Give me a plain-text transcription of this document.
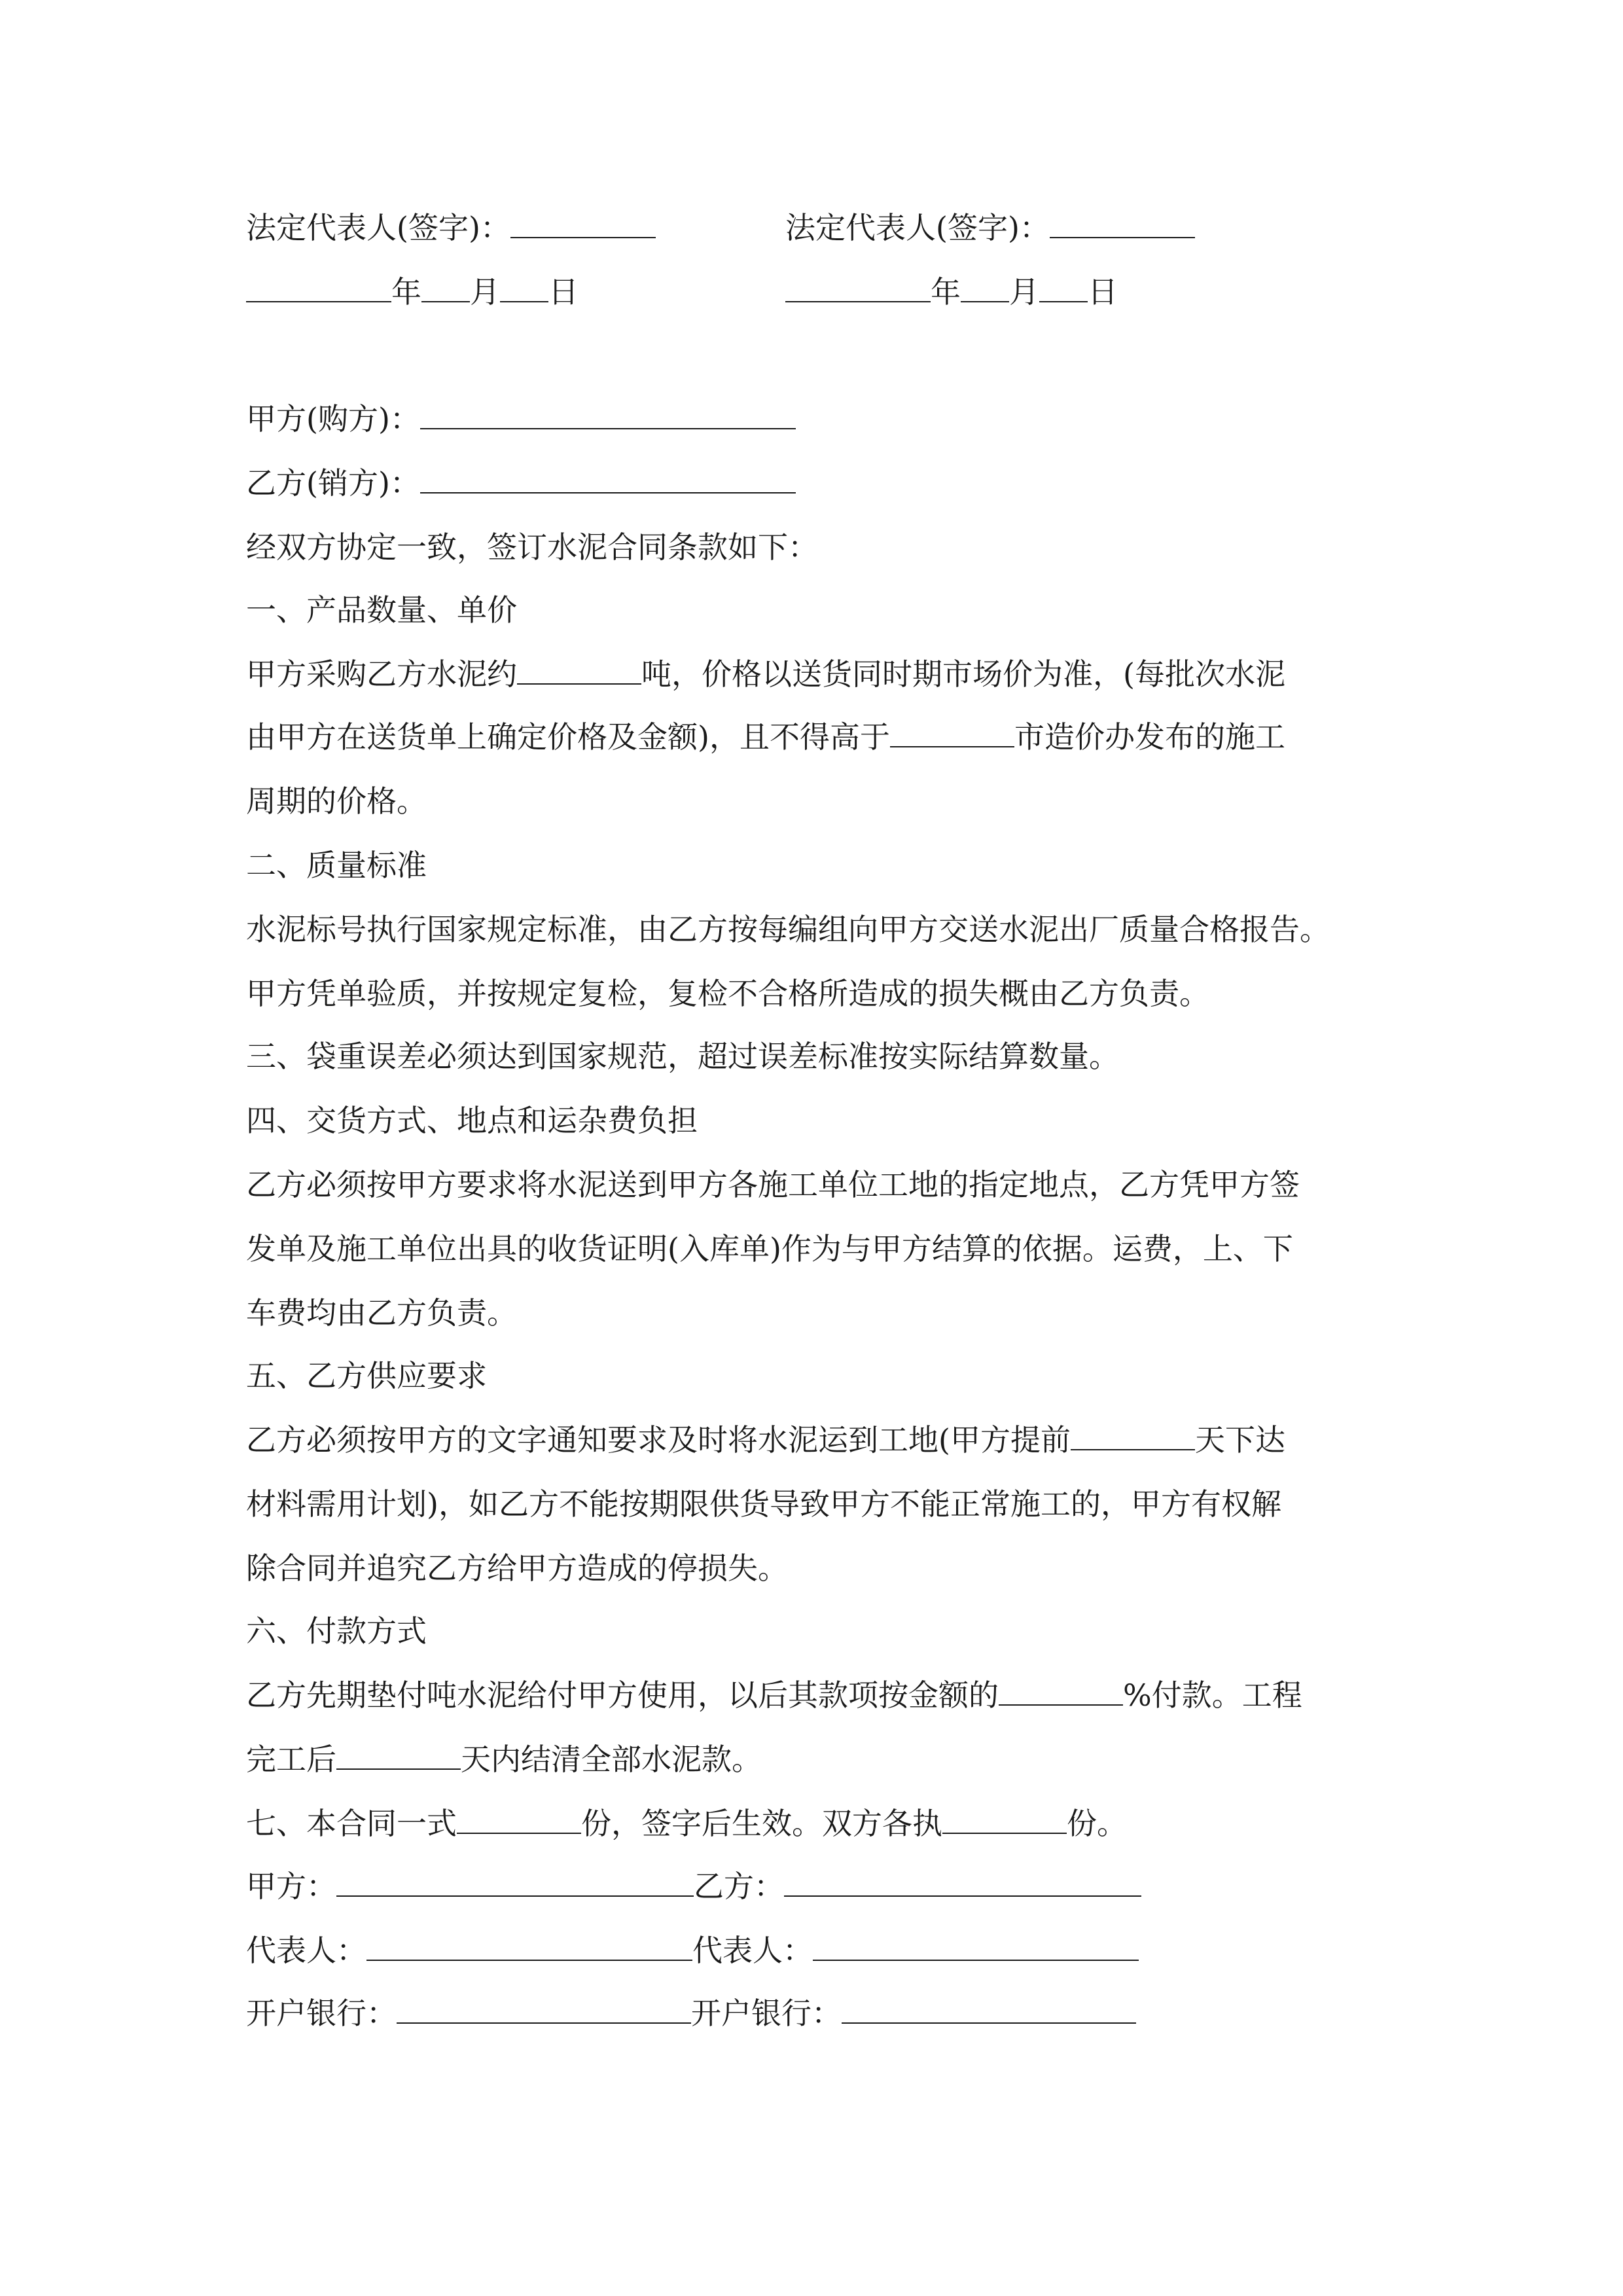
法定代表人(签字)：	法定代表人(签字)：
年 月 日	年 月 日
甲方(购方)：
乙方(销方)：
经双方协定一致，签订水泥合同条款如下：
一、产品数量、单价
甲方采购乙方水泥约	吨，价格以送货同时期市场价为准，(每批次水泥
由甲方在送货单上确定价格及金额)，且不得高于	市造价办发布的施工
周期的价格。
二、质量标准
水泥标号执行国家规定标准，由乙方按每编组向甲方交送水泥出厂质量合格报告。
甲方凭单验质，并按规定复检，复检不合格所造成的损失概由乙方负责。
三、袋重误差必须达到国家规范，超过误差标准按实际结算数量。
四、交货方式、地点和运杂费负担
乙方必须按甲方要求将水泥送到甲方各施工单位工地的指定地点，乙方凭甲方签
发单及施工单位出具的收货证明(入库单)作为与甲方结算的依据。运费，上、下
车费均由乙方负责。
五、乙方供应要求
乙方必须按甲方的文字通知要求及时将水泥运到工地(甲方提前	天下达
材料需用计划)，如乙方不能按期限供货导致甲方不能正常施工的，甲方有权解
除合同并追究乙方给甲方造成的停损失。
六、付款方式
乙方先期垫付吨水泥给付甲方使用，以后其款项按金额的	%付款。工程
完工后	天内结清全部水泥款。
七、本合同一式	份，签字后生效。双方各执	份。
甲方：	乙方：
代表人：	代表人：
开户银行：	开户银行：
